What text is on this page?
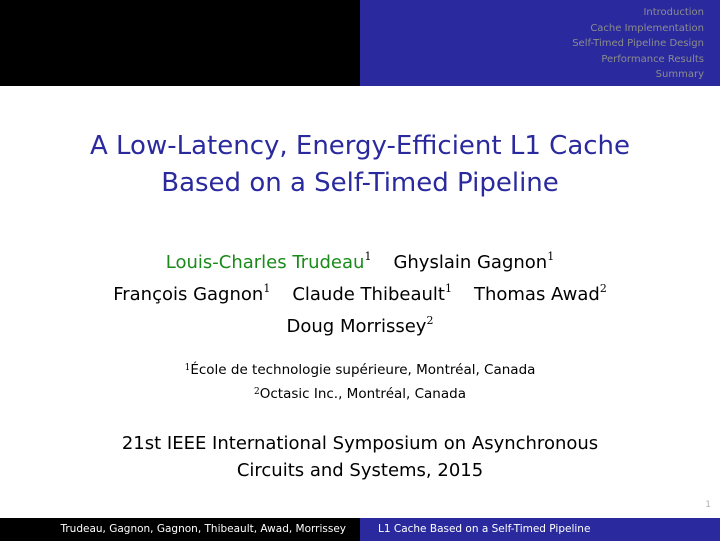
Introduction
Cache Implementation
Self-Timed Pipeline Design
Performance Results
Summary
A Low-Latency, Energy-Efficient L1 Cache
Based on a Self-Timed Pipeline
Louis-Charles Trudeau$^1$ Ghyslain Gagnon$^1$
François Gagnon$^1$ Claude Thibeault$^1$ Thomas Awad$^2$
Doug Morrissey$^2$
$^1$École de technologie supérieure, Montréal, Canada
$^2$Octasic Inc., Montréal, Canada
21st IEEE International Symposium on Asynchronous
Circuits and Systems, 2015
1
Trudeau, Gagnon, Gagnon, Thibeault, Awad, Morrissey	L1 Cache Based on a Self-Timed Pipeline
